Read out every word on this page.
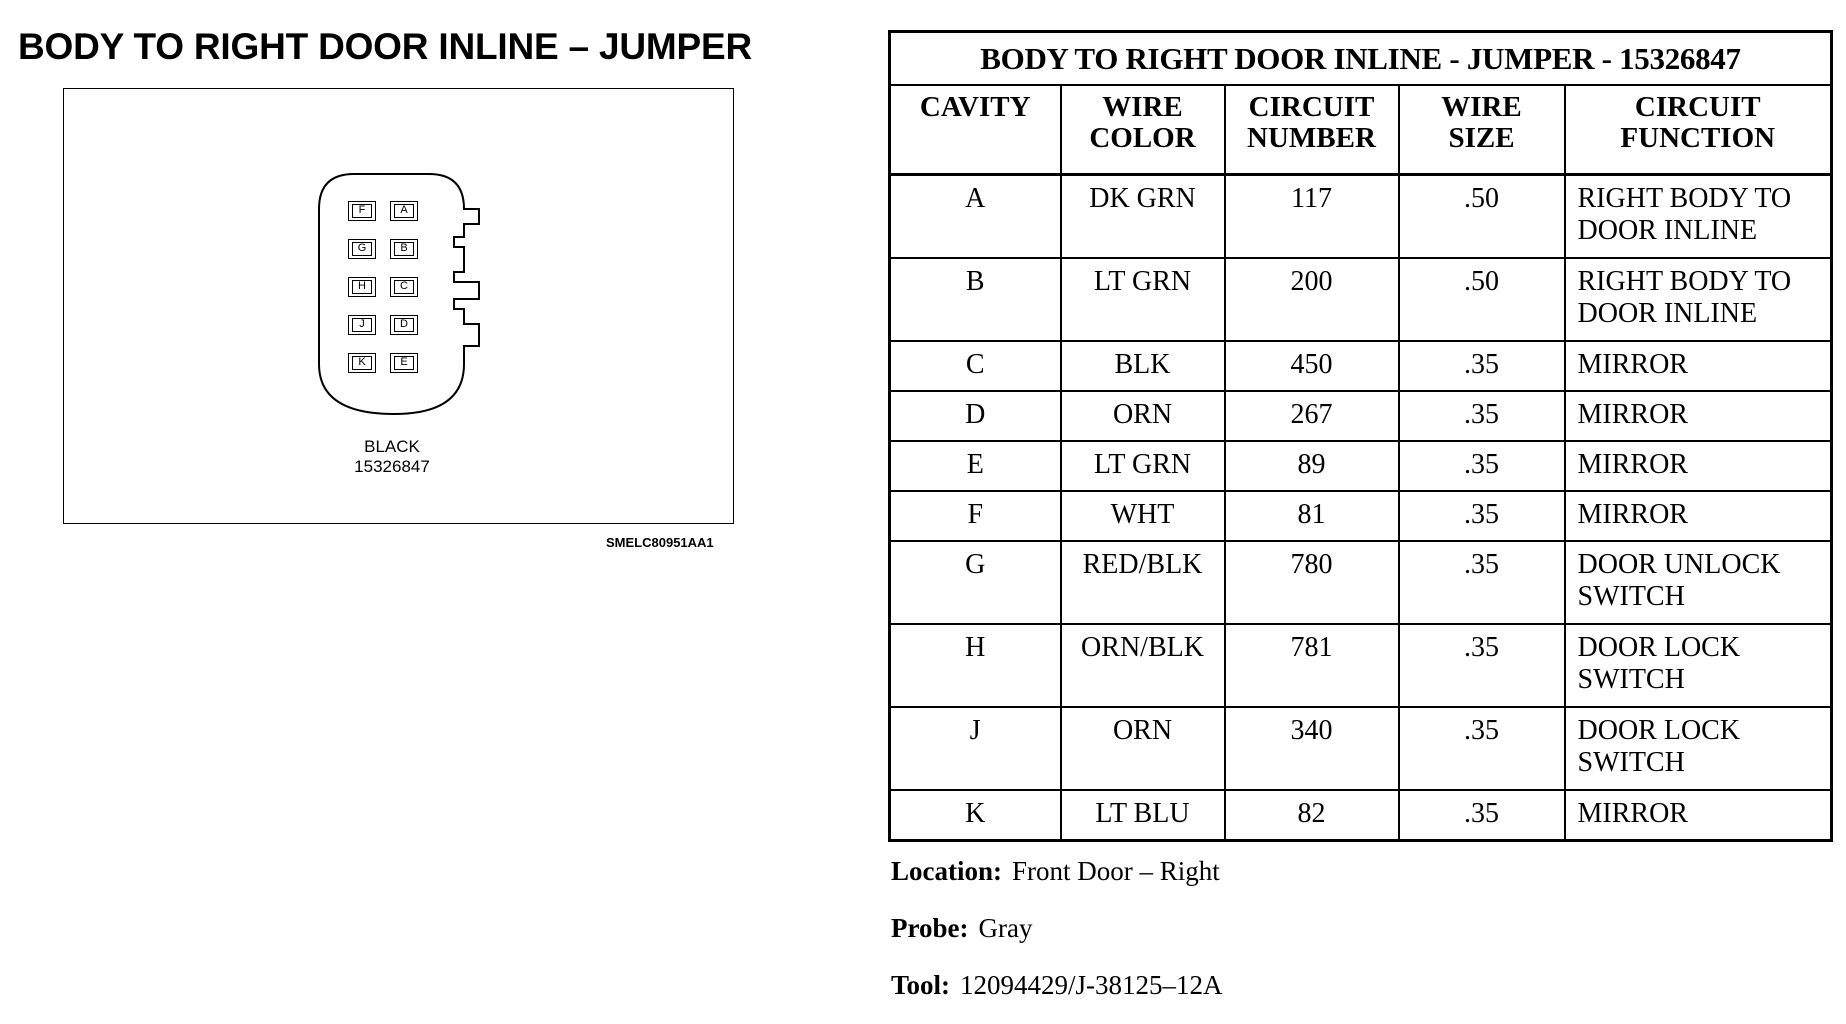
BODY TO RIGHT DOOR INLINE – JUMPER
F
G
H
J
K
A
B
C
D
E
BLACK
15326847
SMELC80951AA1
BODY TO RIGHT DOOR INLINE - JUMPER - 15326847				
CAVITY	WIRE COLOR	CIRCUIT NUMBER	WIRE SIZE	CIRCUIT FUNCTION
A	DK GRN	117	.50	RIGHT BODY TO DOOR INLINE
B	LT GRN	200	.50	RIGHT BODY TO DOOR INLINE
C	BLK	450	.35	MIRROR
D	ORN	267	.35	MIRROR
E	LT GRN	89	.35	MIRROR
F	WHT	81	.35	MIRROR
G	RED/BLK	780	.35	DOOR UNLOCK SWITCH
H	ORN/BLK	781	.35	DOOR LOCK SWITCH
J	ORN	340	.35	DOOR LOCK SWITCH
K	LT BLU	82	.35	MIRROR
Location: Front Door – Right
Probe: Gray
Tool: 12094429/J-38125–12A
